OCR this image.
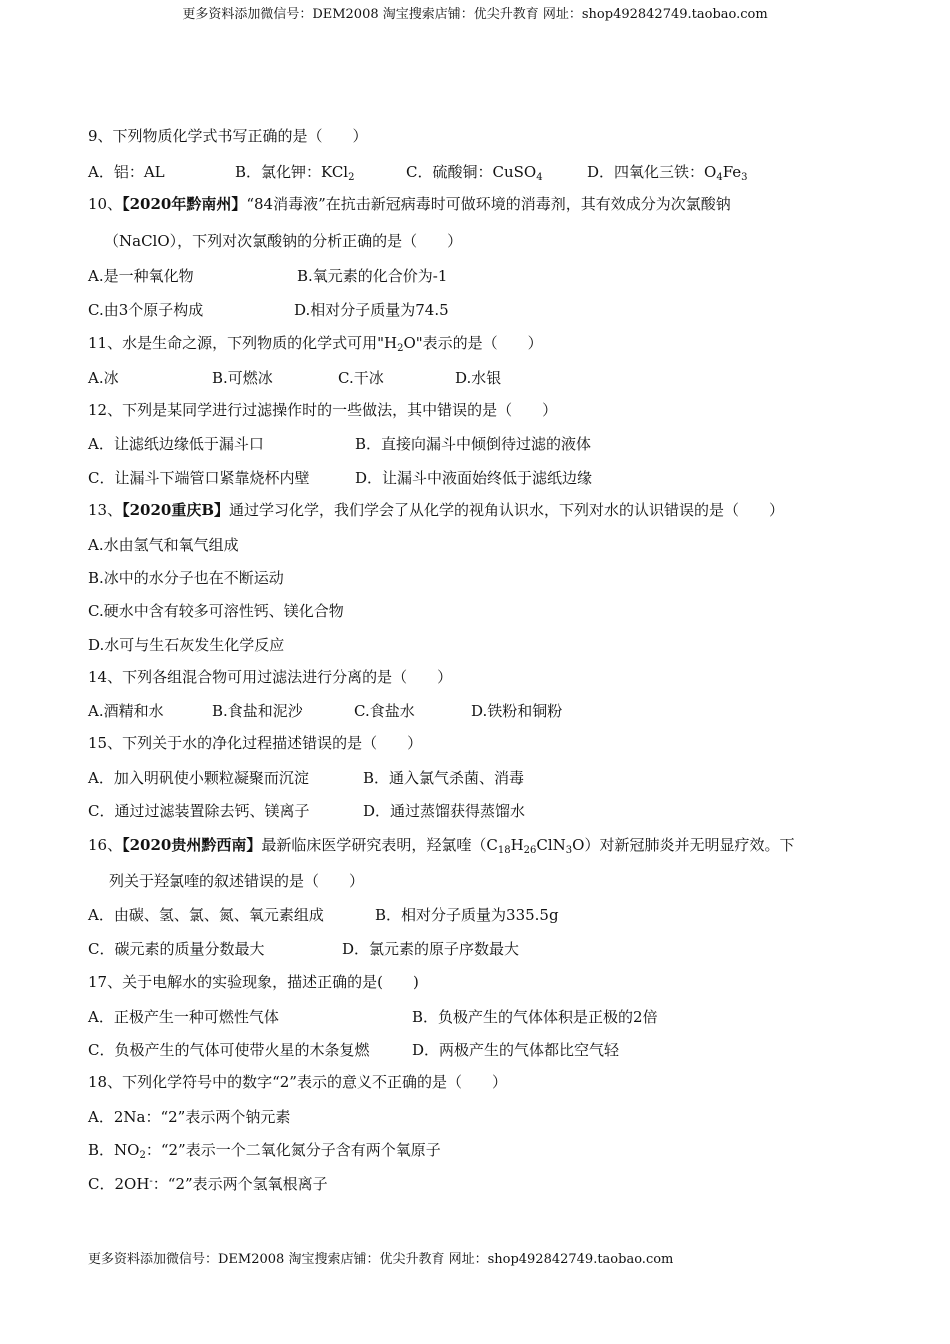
更多资料添加微信号：DEM2008 淘宝搜索店铺：优尖升教育 网址：shop492842749.taobao.com
9、下列物质化学式书写正确的是（　　）
A．铝：AL	B．氯化钾：KCl$_2$	C．硫酸铜：CuSO$_4$	D．四氧化三铁：$O_4Fe_3$
10、【2020年黔南州】“84消毒液”在抗击新冠病毒时可做环境的消毒剂，其有效成分为次氯酸钠
（NaClO），下列对次氯酸钠的分析正确的是（　　）
A.是一种氧化物	B.氧元素的化合价为-1
C.由3个原子构成	D.相对分子质量为74.5
11、水是生命之源，下列物质的化学式可用"$H_2O$"表示的是（　　）
A.冰	B.可燃冰	C.干冰	D.水银
12、下列是某同学进行过滤操作时的一些做法，其中错误的是（　　）
A．让滤纸边缘低于漏斗口	B．直接向漏斗中倾倒待过滤的液体
C．让漏斗下端管口紧靠烧杯内壁	D．让漏斗中液面始终低于滤纸边缘
13、【2020重庆B】通过学习化学，我们学会了从化学的视角认识水，下列对水的认识错误的是（　　）
A.水由氢气和氧气组成
B.冰中的水分子也在不断运动
C.硬水中含有较多可溶性钙、镁化合物
D.水可与生石灰发生化学反应
14、下列各组混合物可用过滤法进行分离的是（　　）
A.酒精和水	B.食盐和泥沙	C.食盐水	D.铁粉和铜粉
15、下列关于水的净化过程描述错误的是（　　）
A．加入明矾使小颗粒凝聚而沉淀	B．通入氯气杀菌、消毒
C．通过过滤装置除去钙、镁离子	D．通过蒸馏获得蒸馏水
16、【2020贵州黔西南】最新临床医学研究表明，羟氯喹$(C_{18}H_{26}ClN_3O)$对新冠肺炎并无明显疗效。下
列关于羟氯喹的叙述错误的是（　　）
A．由碳、氢、氯、氮、氧元素组成	B．相对分子质量为335.5g
C．碳元素的质量分数最大	D．氯元素的原子序数最大
17、关于电解水的实验现象，描述正确的是(　　)
A．正极产生一种可燃性气体	B．负极产生的气体体积是正极的2倍
C．负极产生的气体可使带火星的木条复燃	D．两极产生的气体都比空气轻
18、下列化学符号中的数字“2”表示的意义不正确的是（　　）
A．2Na：“2”表示两个钠元素
B．$NO_2$：“2”表示一个二氧化氮分子含有两个氧原子
C．2OH-：“2”表示两个氢氧根离子
更多资料添加微信号：DEM2008 淘宝搜索店铺：优尖升教育 网址：shop492842749.taobao.com
